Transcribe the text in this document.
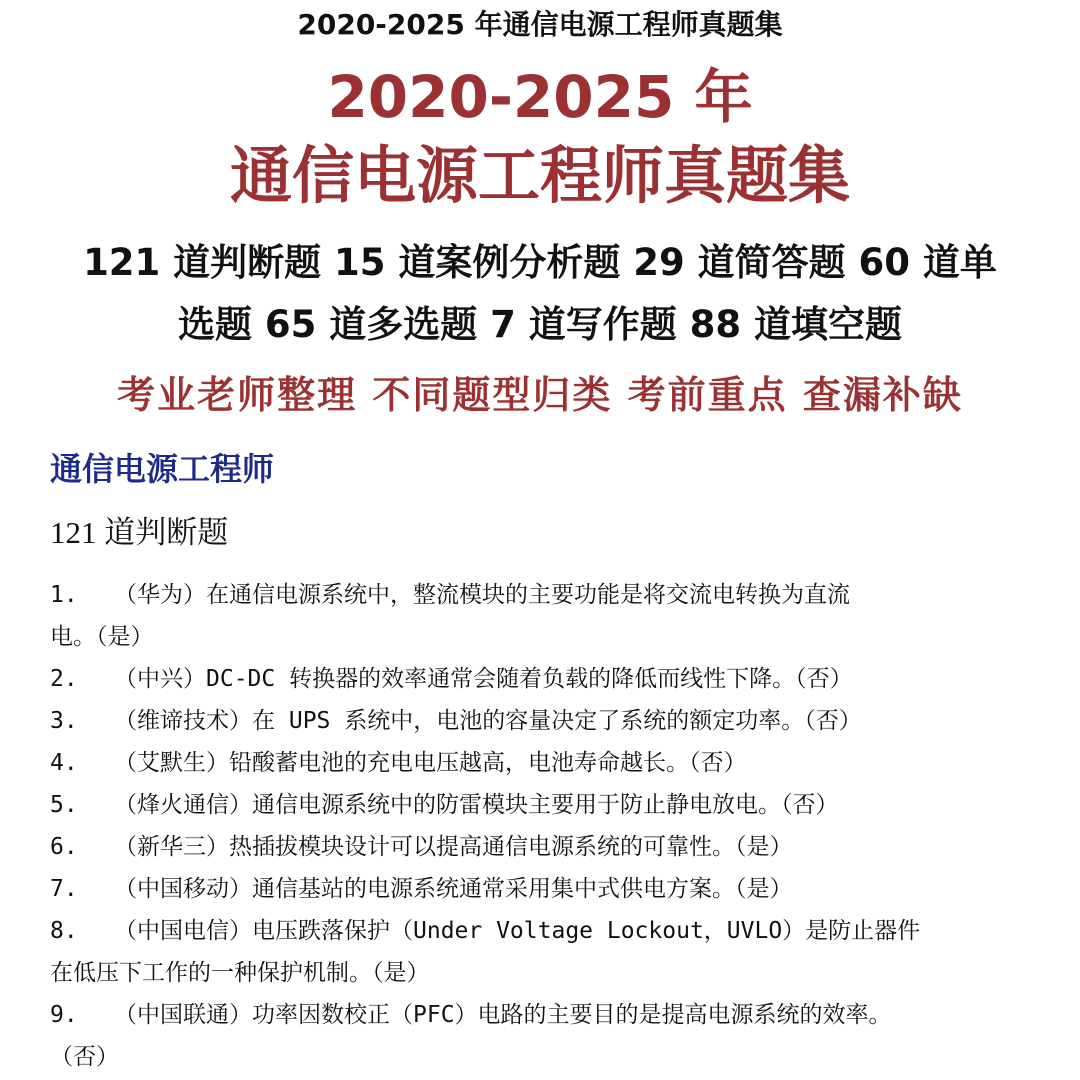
2020-2025 年通信电源工程师真题集
2020-2025 年
通信电源工程师真题集
121 道判断题 15 道案例分析题 29 道简答题 60 道单
选题 65 道多选题 7 道写作题 88 道填空题
考业老师整理 不同题型归类 考前重点 查漏补缺
通信电源工程师
121 道判断题
1. （华为）在通信电源系统中，整流模块的主要功能是将交流电转换为直流
电。（是）
2. （中兴）DC-DC 转换器的效率通常会随着负载的降低而线性下降。（否）
3. （维谛技术）在 UPS 系统中，电池的容量决定了系统的额定功率。（否）
4. （艾默生）铅酸蓄电池的充电电压越高，电池寿命越长。（否）
5. （烽火通信）通信电源系统中的防雷模块主要用于防止静电放电。（否）
6. （新华三）热插拔模块设计可以提高通信电源系统的可靠性。（是）
7. （中国移动）通信基站的电源系统通常采用集中式供电方案。（是）
8. （中国电信）电压跌落保护（Under Voltage Lockout，UVLO）是防止器件
在低压下工作的一种保护机制。（是）
9. （中国联通）功率因数校正（PFC）电路的主要目的是提高电源系统的效率。
（否）
